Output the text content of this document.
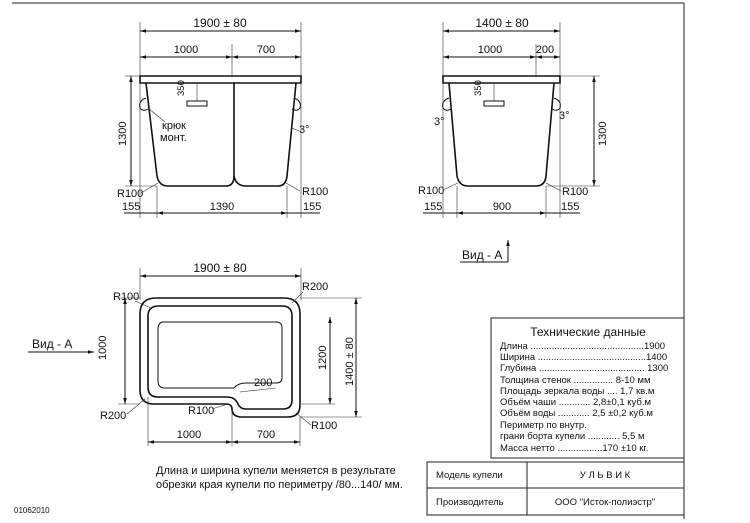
1900 ± 80
1000	700
350
крюк
монт.
3°
1300
R100	R100
155	1390	155
1400 ± 80
1000	200
350
3°	3°
1300
R100	R100
155	900	155
Вид - А
1900 ± 80
R100
R200
R200	R100
R100
200
1000	1200 1400 ± 80
1000	700
Вид - А
Технические данные
Длина ...........................................1900
Ширина .........................................1400
Глубина ........................................ 1300
Толщина стенок ............... 8-10 мм
Площадь зеркала воды .... 1,7 кв.м
Объём чаши ............ 2,8±0,1 куб.м
Объём воды ............ 2,5 ±0,2 куб.м
Периметр по внутр.
грани борта купели ............ 5,5 м
Масса нетто .................170 ±10 кг.
Длина и ширина купели меняется в результате
обрезки края купели по периметру /80...140/ мм.
Модель купели	У Л Ь В И К
Производитель	ООО "Исток-полиэстр"
01062010
